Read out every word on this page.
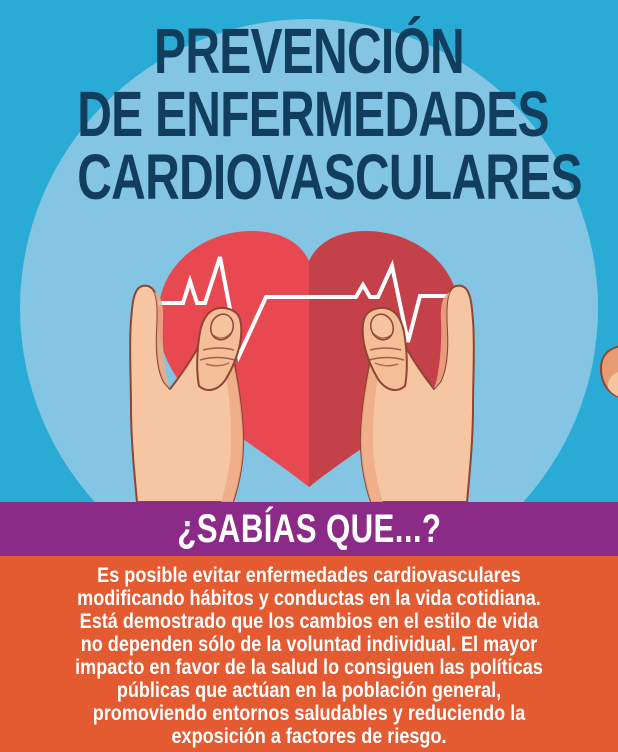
PREVENCIÓN
DE ENFERMEDADES
CARDIOVASCULARES
¿SABÍAS QUE...?
Es posible evitar enfermedades cardiovasculares
modificando hábitos y conductas en la vida cotidiana.
Está demostrado que los cambios en el estilo de vida
no dependen sólo de la voluntad individual. El mayor
impacto en favor de la salud lo consiguen las políticas
públicas que actúan en la población general,
promoviendo entornos saludables y reduciendo la
exposición a factores de riesgo.
